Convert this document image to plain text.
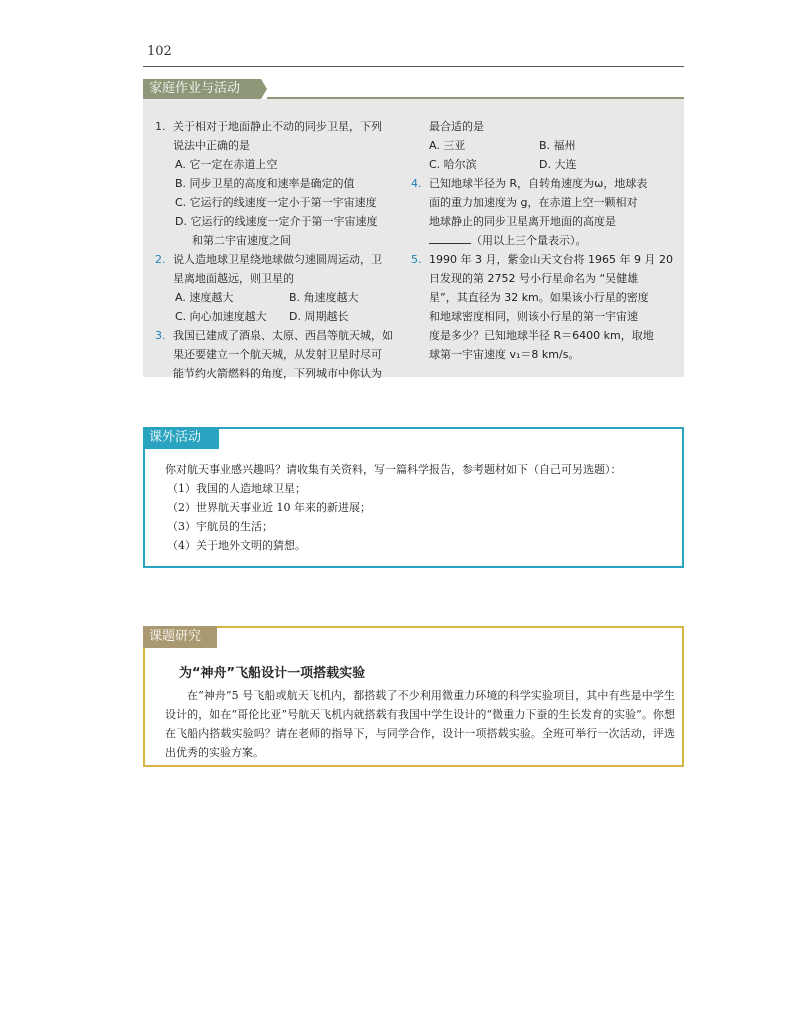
102
家庭作业与活动
1. 关于相对于地面静止不动的同步卫星，下列
说法中正确的是
A. 它一定在赤道上空
B. 同步卫星的高度和速率是确定的值
C. 它运行的线速度一定小于第一宇宙速度
D. 它运行的线速度一定介于第一宇宙速度
和第二宇宙速度之间
2. 说人造地球卫星绕地球做匀速圆周运动，卫
星离地面越远，则卫星的
A. 速度越大	B. 角速度越大
C. 向心加速度越大	D. 周期越长
3. 我国已建成了酒泉、太原、西昌等航天城，如
果还要建立一个航天城，从发射卫星时尽可
能节约火箭燃料的角度，下列城市中你认为
最合适的是
A. 三亚	B. 福州
C. 哈尔滨	D. 大连
4. 已知地球半径为 R，自转角速度为ω，地球表
面的重力加速度为 g，在赤道上空一颗相对
地球静止的同步卫星离开地面的高度是
（用以上三个量表示）。
5. 1990 年 3 月，紫金山天文台将 1965 年 9 月 20
日发现的第 2752 号小行星命名为 “吴健雄
星”，其直径为 32 km。如果该小行星的密度
和地球密度相同，则该小行星的第一宇宙速
度是多少？已知地球半径 R＝6400 km，取地
球第一宇宙速度 v₁＝8 km/s。
课外活动
你对航天事业感兴趣吗？请收集有关资料，写一篇科学报告，参考题材如下（自己可另选题）：
（1）我国的人造地球卫星；
（2）世界航天事业近 10 年来的新进展；
（3）宇航员的生活；
（4）关于地外文明的猜想。
课题研究
为“神舟”飞船设计一项搭载实验
在“神舟”5 号飞船或航天飞机内，都搭载了不少利用微重力环境的科学实验项目，其中有些是中学生设计的，如在“哥伦比亚”号航天飞机内就搭载有我国中学生设计的“微重力下蚕的生长发育的实验”。你想在飞船内搭载实验吗？请在老师的指导下，与同学合作，设计一项搭载实验。全班可举行一次活动，评选出优秀的实验方案。
